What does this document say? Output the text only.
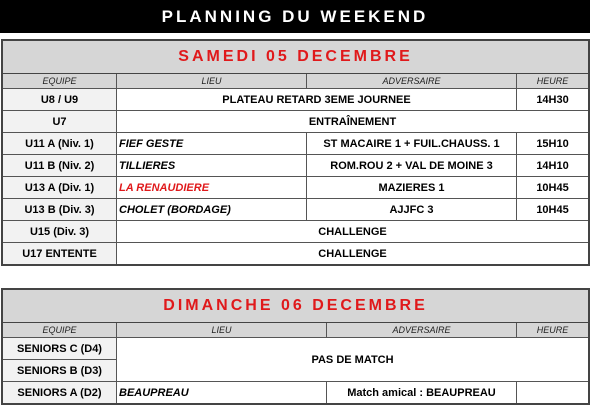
PLANNING DU WEEKEND
SAMEDI 05 DECEMBRE			
EQUIPE	LIEU	ADVERSAIRE	HEURE
U8 / U9	PLATEAU RETARD 3EME JOURNEE		14H30
U7	ENTRAÎNEMENT		
U11 A (Niv. 1)	FIEF GESTE	ST MACAIRE 1 + FUIL.CHAUSS. 1	15H10
U11 B (Niv. 2)	TILLIERES	ROM.ROU 2 + VAL DE MOINE 3	14H10
U13 A (Div. 1)	LA RENAUDIERE	MAZIERES 1	10H45
U13 B (Div. 3)	CHOLET (BORDAGE)	AJJFC 3	10H45
U15 (Div. 3)	CHALLENGE		
U17 ENTENTE	CHALLENGE		
DIMANCHE 06 DECEMBRE			
EQUIPE	LIEU	ADVERSAIRE	HEURE
SENIORS C (D4)	PAS DE MATCH		
SENIORS B (D3)			
SENIORS A (D2)	BEAUPREAU	Match amical : BEAUPREAU	
